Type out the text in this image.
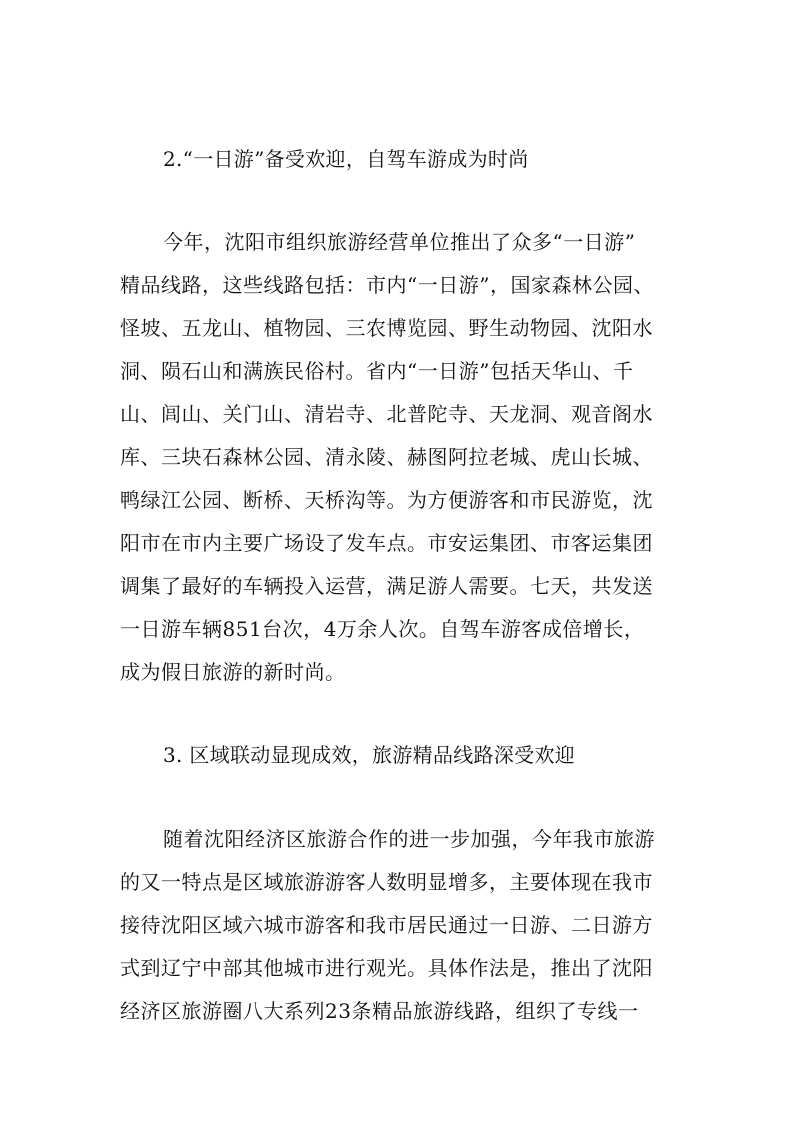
2.“一日游”备受欢迎，自驾车游成为时尚
今年，沈阳市组织旅游经营单位推出了众多“一日游”
精品线路，这些线路包括：市内“一日游”，国家森林公园、
怪坡、五龙山、植物园、三农博览园、野生动物园、沈阳水
洞、陨石山和满族民俗村。省内“一日游”包括天华山、千
山、闾山、关门山、清岩寺、北普陀寺、天龙洞、观音阁水
库、三块石森林公园、清永陵、赫图阿拉老城、虎山长城、
鸭绿江公园、断桥、天桥沟等。为方便游客和市民游览，沈
阳市在市内主要广场设了发车点。市安运集团、市客运集团
调集了最好的车辆投入运营，满足游人需要。七天，共发送
一日游车辆851台次，4万余人次。自驾车游客成倍增长，
成为假日旅游的新时尚。
3. 区域联动显现成效，旅游精品线路深受欢迎
随着沈阳经济区旅游合作的进一步加强，今年我市旅游
的又一特点是区域旅游游客人数明显增多，主要体现在我市
接待沈阳区域六城市游客和我市居民通过一日游、二日游方
式到辽宁中部其他城市进行观光。具体作法是，推出了沈阳
经济区旅游圈八大系列23条精品旅游线路，组织了专线一
